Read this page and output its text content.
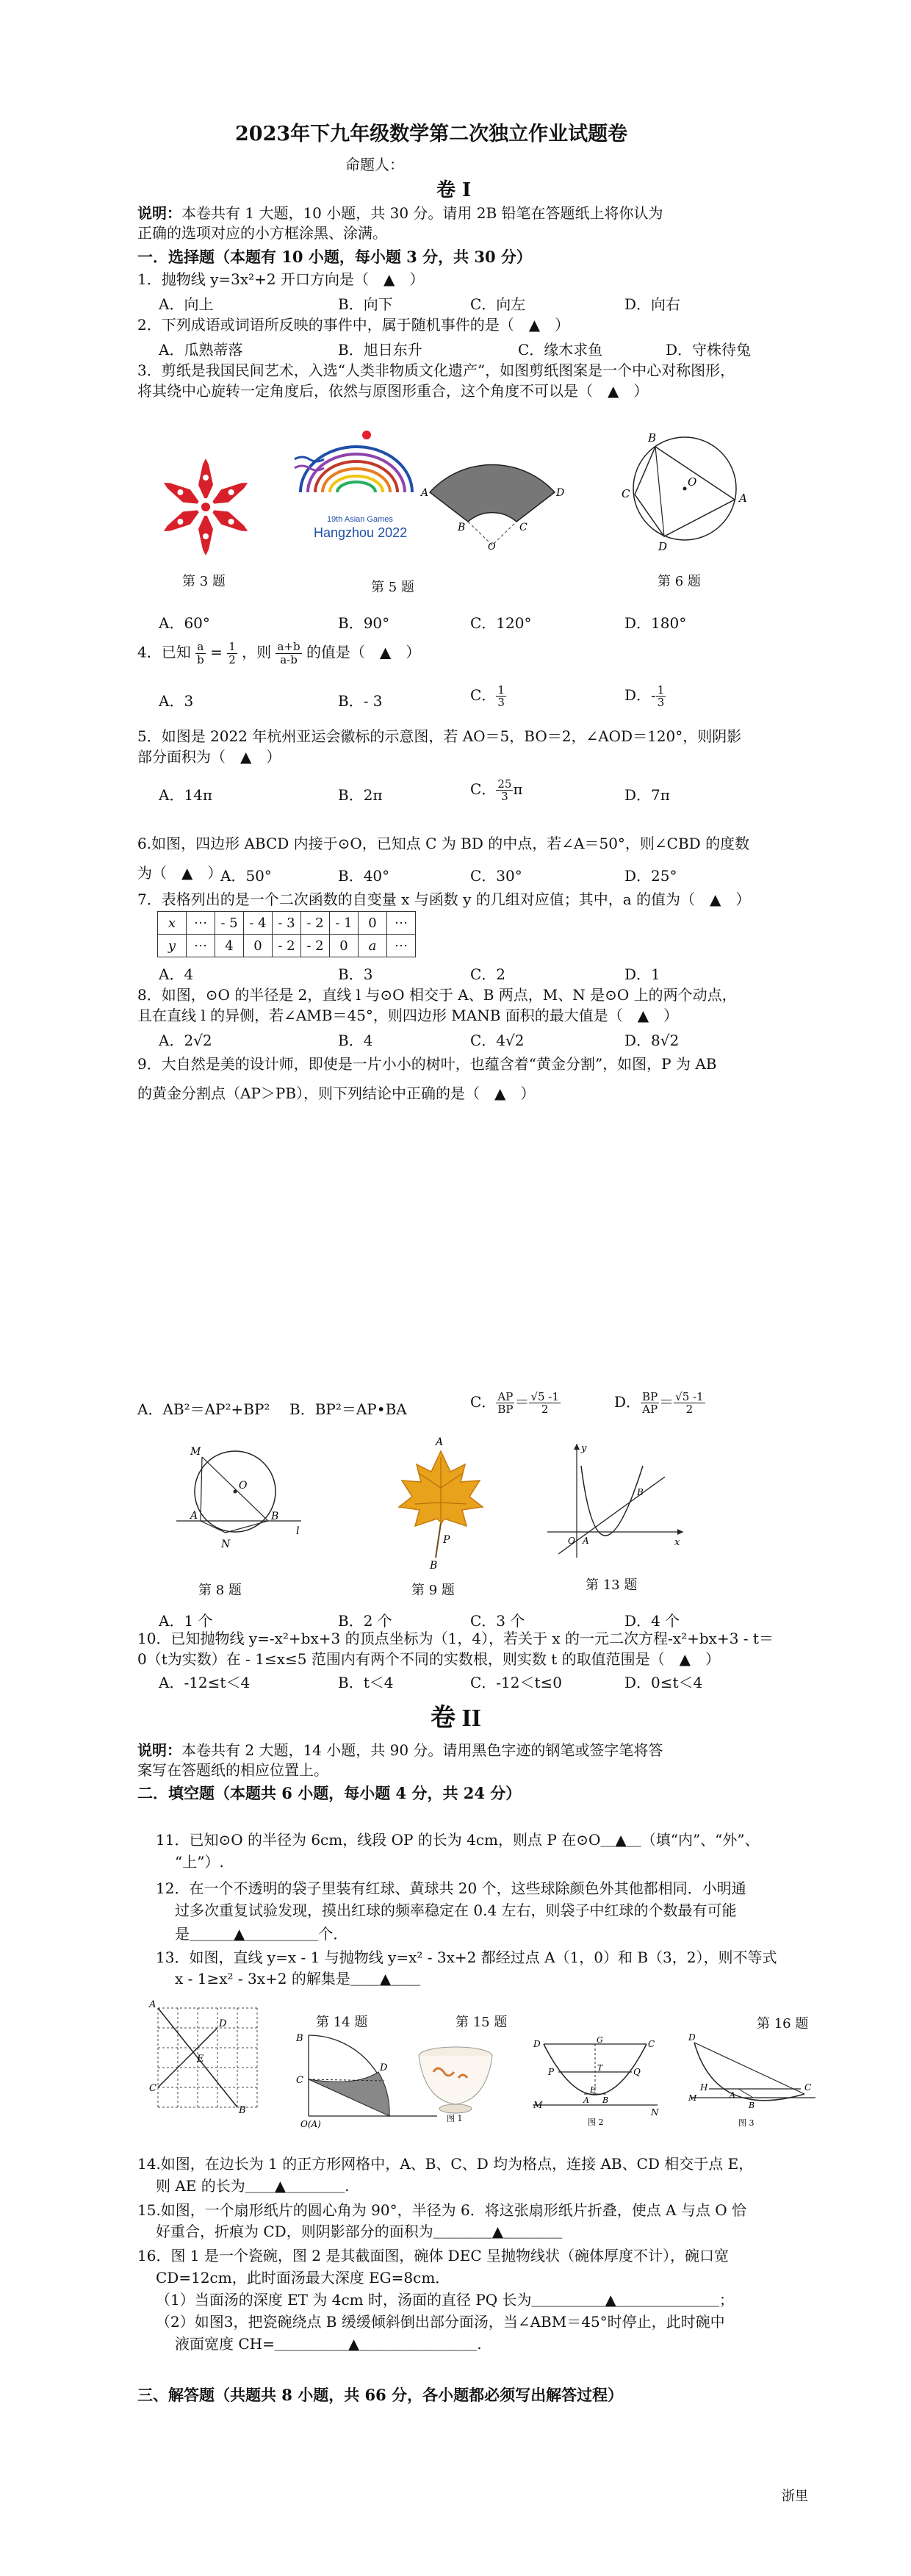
2023年下九年级数学第二次独立作业试题卷
命题人：
卷 I
说明：本卷共有 1 大题，10 小题，共 30 分。请用 2B 铅笔在答题纸上将你认为
正确的选项对应的小方框涂黑、涂满。
一．选择题（本题有 10 小题，每小题 3 分，共 30 分）
1．抛物线 y=3x²+2 开口方向是（　▲　）
A．向上	B．向下	C．向左	D．向右
2．下列成语或词语所反映的事件中，属于随机事件的是（　▲　）
A．瓜熟蒂落	B．旭日东升	C．缘木求鱼	D．守株待兔
3．剪纸是我国民间艺术，入选“人类非物质文化遗产”，如图剪纸图案是一个中心对称图形，
将其绕中心旋转一定角度后，依然与原图形重合，这个角度不可以是（　▲　）
第 3 题
19th Asian Games
Hangzhou 2022
A	D
B	C
O
第 5 题
B
A
D
C
O
第 6 题
A．60°	B．90°	C．120°	D．180°
4．已知 $\frac{a}{b} = \frac{1}{2}$ ，则 $\frac{a+b}{a-b}$ 的值是（　▲　）
A．3	B．- 3	C． $\frac{1}{3}$	D．- $\frac{1}{3}$
5．如图是 2022 年杭州亚运会徽标的示意图，若 AO＝5，BO＝2，∠AOD＝120°，则阴影
部分面积为（　▲　）
A．14π	B．2π	C． $\frac{25}{3}$ π	D．7π
6.如图，四边形 ABCD 内接于⊙O，已知点 C 为 BD 的中点，若∠A＝50°，则∠CBD 的度数
为（　▲　）
A．50°	B．40°	C．30°	D．25°
7．表格列出的是一个二次函数的自变量 x 与函数 y 的几组对应值；其中，a 的值为（　▲　）
x	⋯	- 5	- 4	- 3	- 2	- 1	0	⋯
y	⋯	4	0	- 2	- 2	0	a	⋯
A．4	B．3	C．2	D．1
8．如图，⊙O 的半径是 2，直线 l 与⊙O 相交于 A、B 两点，M、N 是⊙O 上的两个动点，
且在直线 l 的异侧，若∠AMB＝45°，则四边形 MANB 面积的最大值是（　▲　）
A．2√2	B．4	C．4√2	D．8√2
9．大自然是美的设计师，即使是一片小小的树叶，也蕴含着“黄金分割”，如图，P 为 AB
的黄金分割点（AP＞PB），则下列结论中正确的是（　▲　）
A．AB²＝AP²+BP² B．BP²＝AP•BA	C． $\frac{AP}{BP} = \frac{√5 -1}{2}$	D． $\frac{BP}{AP} = \frac{√5 -1}{2}$
M
A	B
N
O
l
第 8 题
A
P
B
第 9 题
y
x
O A
B
第 13 题
A．1 个	B．2 个	C．3 个	D．4 个
10．已知抛物线 y=-x²+bx+3 的顶点坐标为（1，4），若关于 x 的一元二次方程-x²+bx+3 - t＝
0（t为实数）在 - 1≤x≤5 范围内有两个不同的实数根，则实数 t 的取值范围是（　▲　）
A．-12≤t＜4	B．t＜4	C．-12＜t≤0	D．0≤t＜4
卷 II
说明：本卷共有 2 大题，14 小题，共 90 分。请用黑色字迹的钢笔或签字笔将答
案写在答题纸的相应位置上。
二．填空题（本题共 6 小题，每小题 4 分，共 24 分）
11．已知⊙O 的半径为 6cm，线段 OP 的长为 4cm，则点 P 在⊙O＿▲＿（填“内”、“外”、
“上”）.
12．在一个不透明的袋子里装有红球、黄球共 20 个，这些球除颜色外其他都相同．小明通
过多次重复试验发现，摸出红球的频率稳定在 0.4 左右，则袋子中红球的个数最有可能
是＿＿＿▲＿＿＿＿＿个．
13．如图，直线 y=x - 1 与抛物线 y=x² - 3x+2 都经过点 A（1，0）和 B（3，2），则不等式
x - 1≥x² - 3x+2 的解集是＿＿▲＿＿
A
C
D
B
E
第 14 题
C
D
B
O(A)
第 15 题
图 1
D	C
P	Q
M
N
G
T
A B
E
图 2
D
C
H
A
B
M
图 3
第 16 题
14.如图，在边长为 1 的正方形网格中，A、B、C、D 均为格点，连接 AB、CD 相交于点 E，
则 AE 的长为＿＿▲＿＿＿＿.
15.如图，一个扇形纸片的圆心角为 90°，半径为 6．将这张扇形纸片折叠，使点 A 与点 O 恰
好重合，折痕为 CD，则阴影部分的面积为＿＿＿＿▲＿＿＿＿
16．图 1 是一个瓷碗，图 2 是其截面图，碗体 DEC 呈抛物线状（碗体厚度不计），碗口宽
CD=12cm，此时面汤最大深度 EG=8cm．
（1）当面汤的深度 ET 为 4cm 时，汤面的直径 PQ 长为＿＿＿＿＿▲＿＿＿＿＿＿＿；
（2）如图3，把瓷碗绕点 B 缓缓倾斜倒出部分面汤，当∠ABM＝45°时停止，此时碗中
液面宽度 CH=＿＿＿＿＿▲＿＿＿＿＿＿＿＿.
三、解答题（共题共 8 小题，共 66 分，各小题都必须写出解答过程）
浙里
